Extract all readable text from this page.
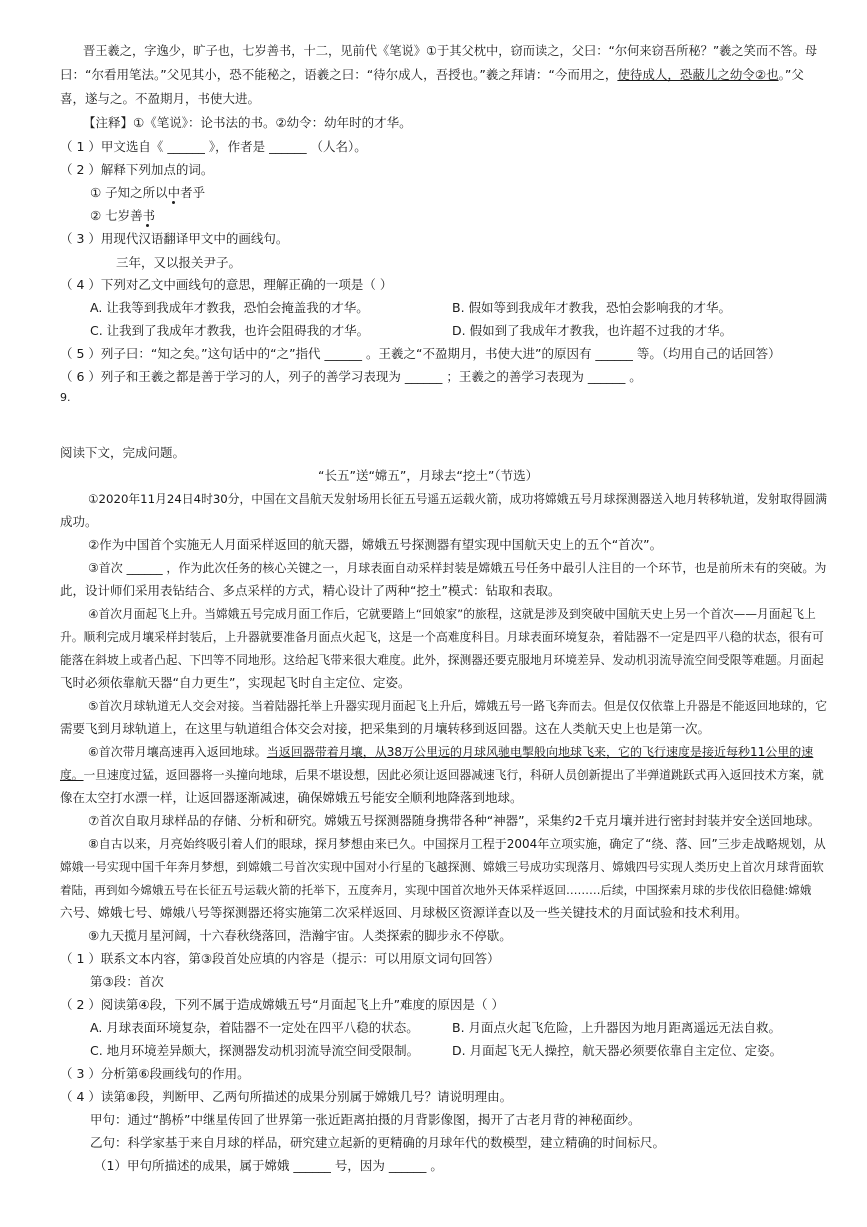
晋王羲之，字逸少，旷子也，七岁善书，十二，见前代《笔说》①于其父枕中，窃而读之，父曰：“尔何来窃吾所秘？”羲之笑而不答。母
曰：“尔看用笔法。”父见其小，恐不能秘之，语羲之曰：“待尔成人，吾授也。”羲之拜请：“今而用之，使待成人，恐蔽儿之幼令②也。”父
喜，遂与之。不盈期月，书使大进。
【注释】①《笔说》：论书法的书。②幼令：幼年时的才华。
（ 1 ）甲文选自《 ______ 》，作者是 ______ （人名）。
（ 2 ）解释下列加点的词。
① 子知之所以中者乎
② 七岁善书
（ 3 ）用现代汉语翻译甲文中的画线句。
三年，又以报关尹子。
（ 4 ）下列对乙文中画线句的意思，理解正确的一项是（ ）
A. 让我等到我成年才教我，恐怕会掩盖我的才华。	B. 假如等到我成年才教我，恐怕会影响我的才华。
C. 让我到了我成年才教我，也许会阻碍我的才华。	D. 假如到了我成年才教我，也许超不过我的才华。
（ 5 ）列子曰：“知之矣。”这句话中的“之”指代 ______ 。王羲之“不盈期月，书使大进”的原因有 ______ 等。（均用自己的话回答）
（ 6 ）列子和王羲之都是善于学习的人，列子的善学习表现为 ______ ；王羲之的善学习表现为 ______ 。
9.
阅读下文，完成问题。
“长五”送“嫦五”，月球去“挖土”（节选）
①2020年11月24日4时30分，中国在文昌航天发射场用长征五号遥五运载火箭，成功将嫦娥五号月球探测器送入地月转移轨道，发射取得圆满
成功。
②作为中国首个实施无人月面采样返回的航天器，嫦娥五号探测器有望实现中国航天史上的五个“首次”。
③首次 ______ ，作为此次任务的核心关键之一，月球表面自动采样封装是嫦娥五号任务中最引人注目的一个环节，也是前所未有的突破。为
此，设计师们采用表钻结合、多点采样的方式，精心设计了两种“挖土”模式：钻取和表取。
④首次月面起飞上升。当嫦娥五号完成月面工作后，它就要踏上“回娘家”的旅程，这就是涉及到突破中国航天史上另一个首次——月面起飞上
升。顺利完成月壤采样封装后，上升器就要准备月面点火起飞，这是一个高难度科目。月球表面环境复杂，着陆器不一定是四平八稳的状态，很有可
能落在斜坡上或者凸起、下凹等不同地形。这给起飞带来很大难度。此外，探测器还要克服地月环境差异、发动机羽流导流空间受限等难题。月面起
飞时必须依靠航天器“自力更生”，实现起飞时自主定位、定姿。
⑤首次月球轨道无人交会对接。当着陆器托举上升器实现月面起飞上升后，嫦娥五号一路飞奔而去。但是仅仅依靠上升器是不能返回地球的，它
需要飞到月球轨道上，在这里与轨道组合体交会对接，把采集到的月壤转移到返回器。这在人类航天史上也是第一次。
⑥首次带月壤高速再入返回地球。当返回器带着月壤，从38万公里远的月球风驰电掣般向地球飞来，它的飞行速度是接近每秒11公里的速
度。一旦速度过猛，返回器将一头撞向地球，后果不堪设想，因此必须让返回器减速飞行，科研人员创新提出了半弹道跳跃式再入返回技术方案，就
像在太空打水漂一样，让返回器逐渐减速，确保嫦娥五号能安全顺利地降落到地球。
⑦首次自取月球样品的存储、分析和研究。嫦娥五号探测器随身携带各种“神器”，采集约2千克月壤并进行密封封装并安全送回地球。
⑧自古以来，月亮始终吸引着人们的眼球，探月梦想由来已久。中国探月工程于2004年立项实施，确定了“绕、落、回”三步走战略规划，从
嫦娥一号实现中国千年奔月梦想，到嫦娥二号首次实现中国对小行星的飞越探测、嫦娥三号成功实现落月、嫦娥四号实现人类历史上首次月球背面软
着陆，再到如今嫦娥五号在长征五号运载火箭的托举下，五度奔月，实现中国首次地外天体采样返回………后续，中国探索月球的步伐依旧稳健:嫦娥
六号、嫦娥七号、嫦娥八号等探测器还将实施第二次采样返回、月球极区资源详查以及一些关键技术的月面试验和技术利用。
⑨九天揽月星河阔，十六春秋绕落回，浩瀚宇宙。人类探索的脚步永不停歇。
（ 1 ）联系文本内容，第③段首处应填的内容是（提示：可以用原文词句回答）
第③段：首次
（ 2 ）阅读第④段，下列不属于造成嫦娥五号“月面起飞上升”难度的原因是（ ）
A. 月球表面环境复杂，着陆器不一定处在四平八稳的状态。	B. 月面点火起飞危险，上升器因为地月距离遥远无法自救。
C. 地月环境差异颇大，探测器发动机羽流导流空间受限制。	D. 月面起飞无人操控，航天器必须要依靠自主定位、定姿。
（ 3 ）分析第⑥段画线句的作用。
（ 4 ）读第⑧段，判断甲、乙两句所描述的成果分别属于嫦娥几号？请说明理由。
甲句：通过“鹊桥”中继星传回了世界第一张近距离拍摄的月背影像图，揭开了古老月背的神秘面纱。
乙句：科学家基于来自月球的样品，研究建立起新的更精确的月球年代的数模型，建立精确的时间标尺。
（1）甲句所描述的成果，属于嫦娥 ______ 号，因为 ______ 。
